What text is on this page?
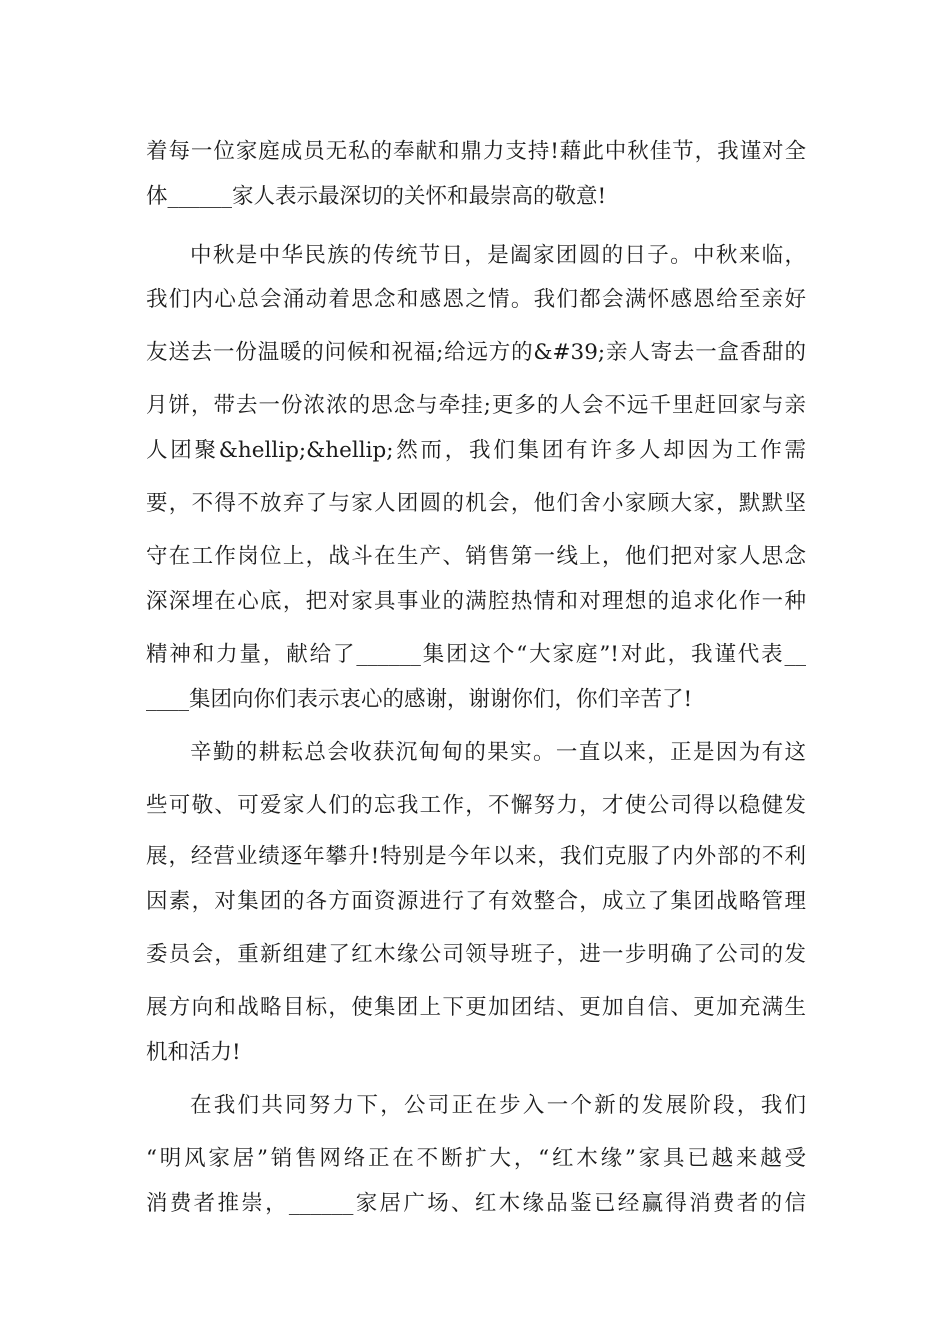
着每一位家庭成员无私的奉献和鼎力支持!藉此中秋佳节，我谨对全
体______家人表示最深切的关怀和最崇高的敬意!
中秋是中华民族的传统节日，是阖家团圆的日子。中秋来临，
我们内心总会涌动着思念和感恩之情。我们都会满怀感恩给至亲好
友送去一份温暖的问候和祝福;给远方的&#39;亲人寄去一盒香甜的
月饼，带去一份浓浓的思念与牵挂;更多的人会不远千里赶回家与亲
人团聚&hellip;&hellip;然而，我们集团有许多人却因为工作需
要，不得不放弃了与家人团圆的机会，他们舍小家顾大家，默默坚
守在工作岗位上，战斗在生产、销售第一线上，他们把对家人思念
深深埋在心底，把对家具事业的满腔热情和对理想的追求化作一种
精神和力量，献给了______集团这个“大家庭”!对此，我谨代表__
____集团向你们表示衷心的感谢，谢谢你们，你们辛苦了!
辛勤的耕耘总会收获沉甸甸的果实。一直以来，正是因为有这
些可敬、可爱家人们的忘我工作，不懈努力，才使公司得以稳健发
展，经营业绩逐年攀升!特别是今年以来，我们克服了内外部的不利
因素，对集团的各方面资源进行了有效整合，成立了集团战略管理
委员会，重新组建了红木缘公司领导班子，进一步明确了公司的发
展方向和战略目标，使集团上下更加团结、更加自信、更加充满生
机和活力!
在我们共同努力下，公司正在步入一个新的发展阶段，我们
“明风家居”销售网络正在不断扩大，“红木缘”家具已越来越受
消费者推崇，______家居广场、红木缘品鉴已经赢得消费者的信
